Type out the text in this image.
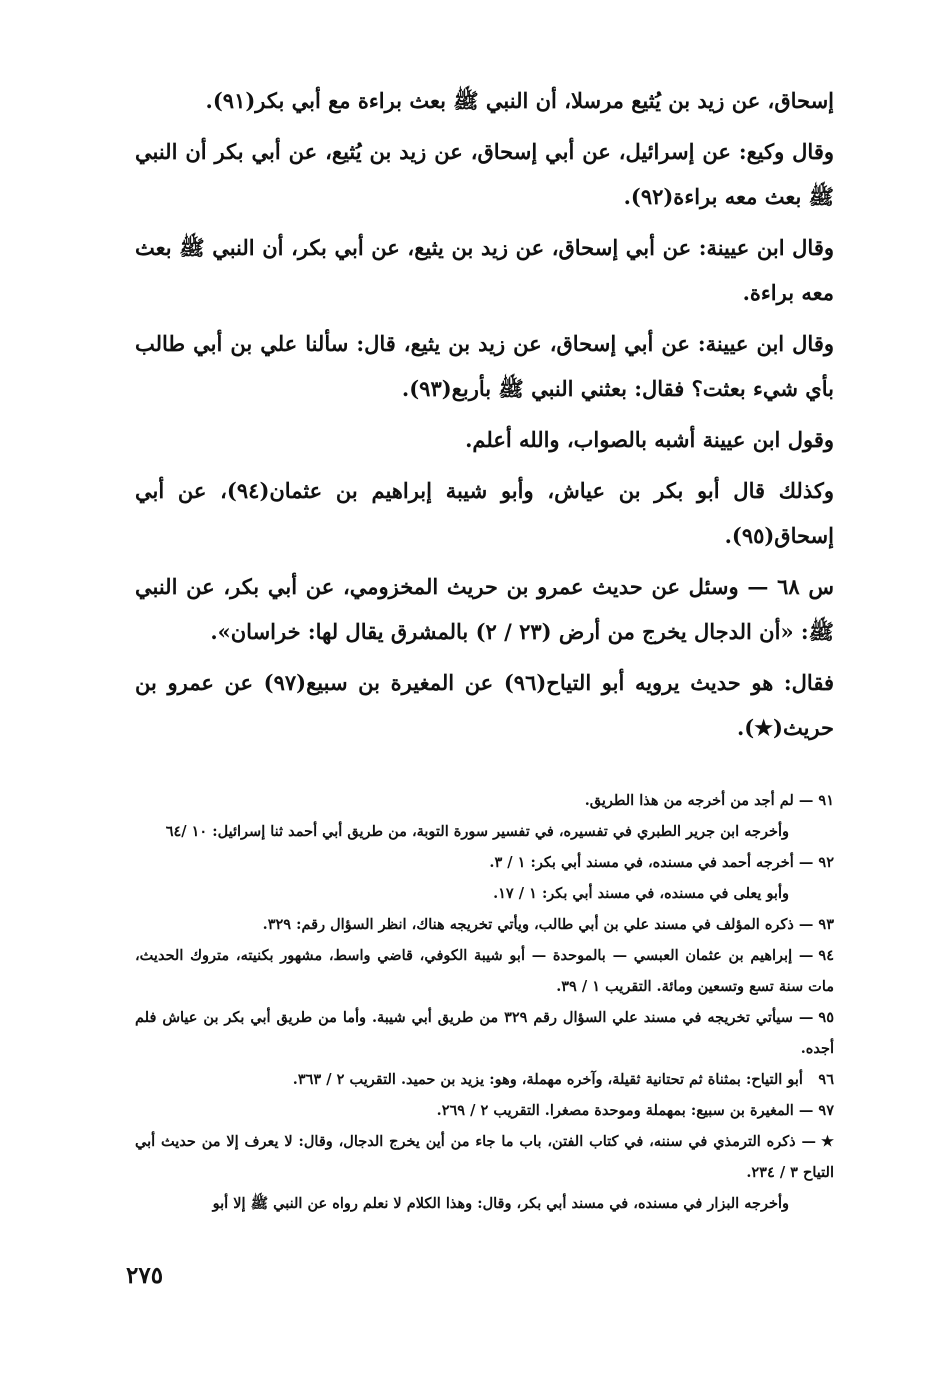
إسحاق، عن زيد بن يُثيع مرسلا، أن النبي ﷺ بعث براءة مع أبي بكر(٩١).

وقال وكيع: عن إسرائيل، عن أبي إسحاق، عن زيد بن يُثيع، عن أبي بكر أن النبي ﷺ بعث معه براءة(٩٢).

وقال ابن عيينة: عن أبي إسحاق، عن زيد بن يثيع، عن أبي بكر، أن النبي ﷺ بعث معه براءة.

وقال ابن عيينة: عن أبي إسحاق، عن زيد بن يثيع، قال: سألنا علي بن أبي طالب بأي شيء بعثت؟ فقال: بعثني النبي ﷺ بأربع(٩٣).

وقول ابن عيينة أشبه بالصواب، والله أعلم.

وكذلك قال أبو بكر بن عياش، وأبو شيبة إبراهيم بن عثمان(٩٤)، عن أبي إسحاق(٩٥).

س ٦٨ — وسئل عن حديث عمرو بن حريث المخزومي، عن أبي بكر، عن النبي ﷺ: «أن الدجال يخرج من أرض (٢٣ / ٢) بالمشرق يقال لها: خراسان».

فقال: هو حديث يرويه أبو التياح(٩٦) عن المغيرة بن سبيع(٩٧) عن عمرو بن حريث(★).

٩١ — لم أجد من أخرجه من هذا الطريق.

وأخرجه ابن جرير الطبري في تفسيره، في تفسير سورة التوبة، من طريق أبي أحمد ثنا إسرائيل: ١٠ /٦٤

٩٢ — أخرجه أحمد في مسنده، في مسند أبي بكر: ١ / ٣.

وأبو يعلى في مسنده، في مسند أبي بكر: ١ / ١٧.

٩٣ — ذكره المؤلف في مسند علي بن أبي طالب، ويأتي تخريجه هناك، انظر السؤال رقم: ٣٢٩.

٩٤ — إبراهيم بن عثمان العبسي — بالموحدة — أبو شيبة الكوفي، قاضي واسط، مشهور بكنيته، متروك الحديث، مات سنة تسع وتسعين ومائة. التقريب ١ / ٣٩.

٩٥ — سيأتي تخريجه في مسند علي السؤال رقم ٣٢٩ من طريق أبي شيبة. وأما من طريق أبي بكر بن عياش فلم أجده.

٩٦ أبو التياح: بمثناة ثم تحتانية ثقيلة، وآخره مهملة، وهو: يزيد بن حميد. التقريب ٢ / ٣٦٣.

٩٧ — المغيرة بن سبيع: بمهملة وموحدة مصغرا. التقريب ٢ / ٢٦٩.

★ — ذكره الترمذي في سننه، في كتاب الفتن، باب ما جاء من أين يخرج الدجال، وقال: لا يعرف إلا من حديث أبي التياح ٣ / ٢٣٤.

وأخرجه البزار في مسنده، في مسند أبي بكر، وقال: وهذا الكلام لا نعلم رواه عن النبي ﷺ إلا أبو

٢٧٥
